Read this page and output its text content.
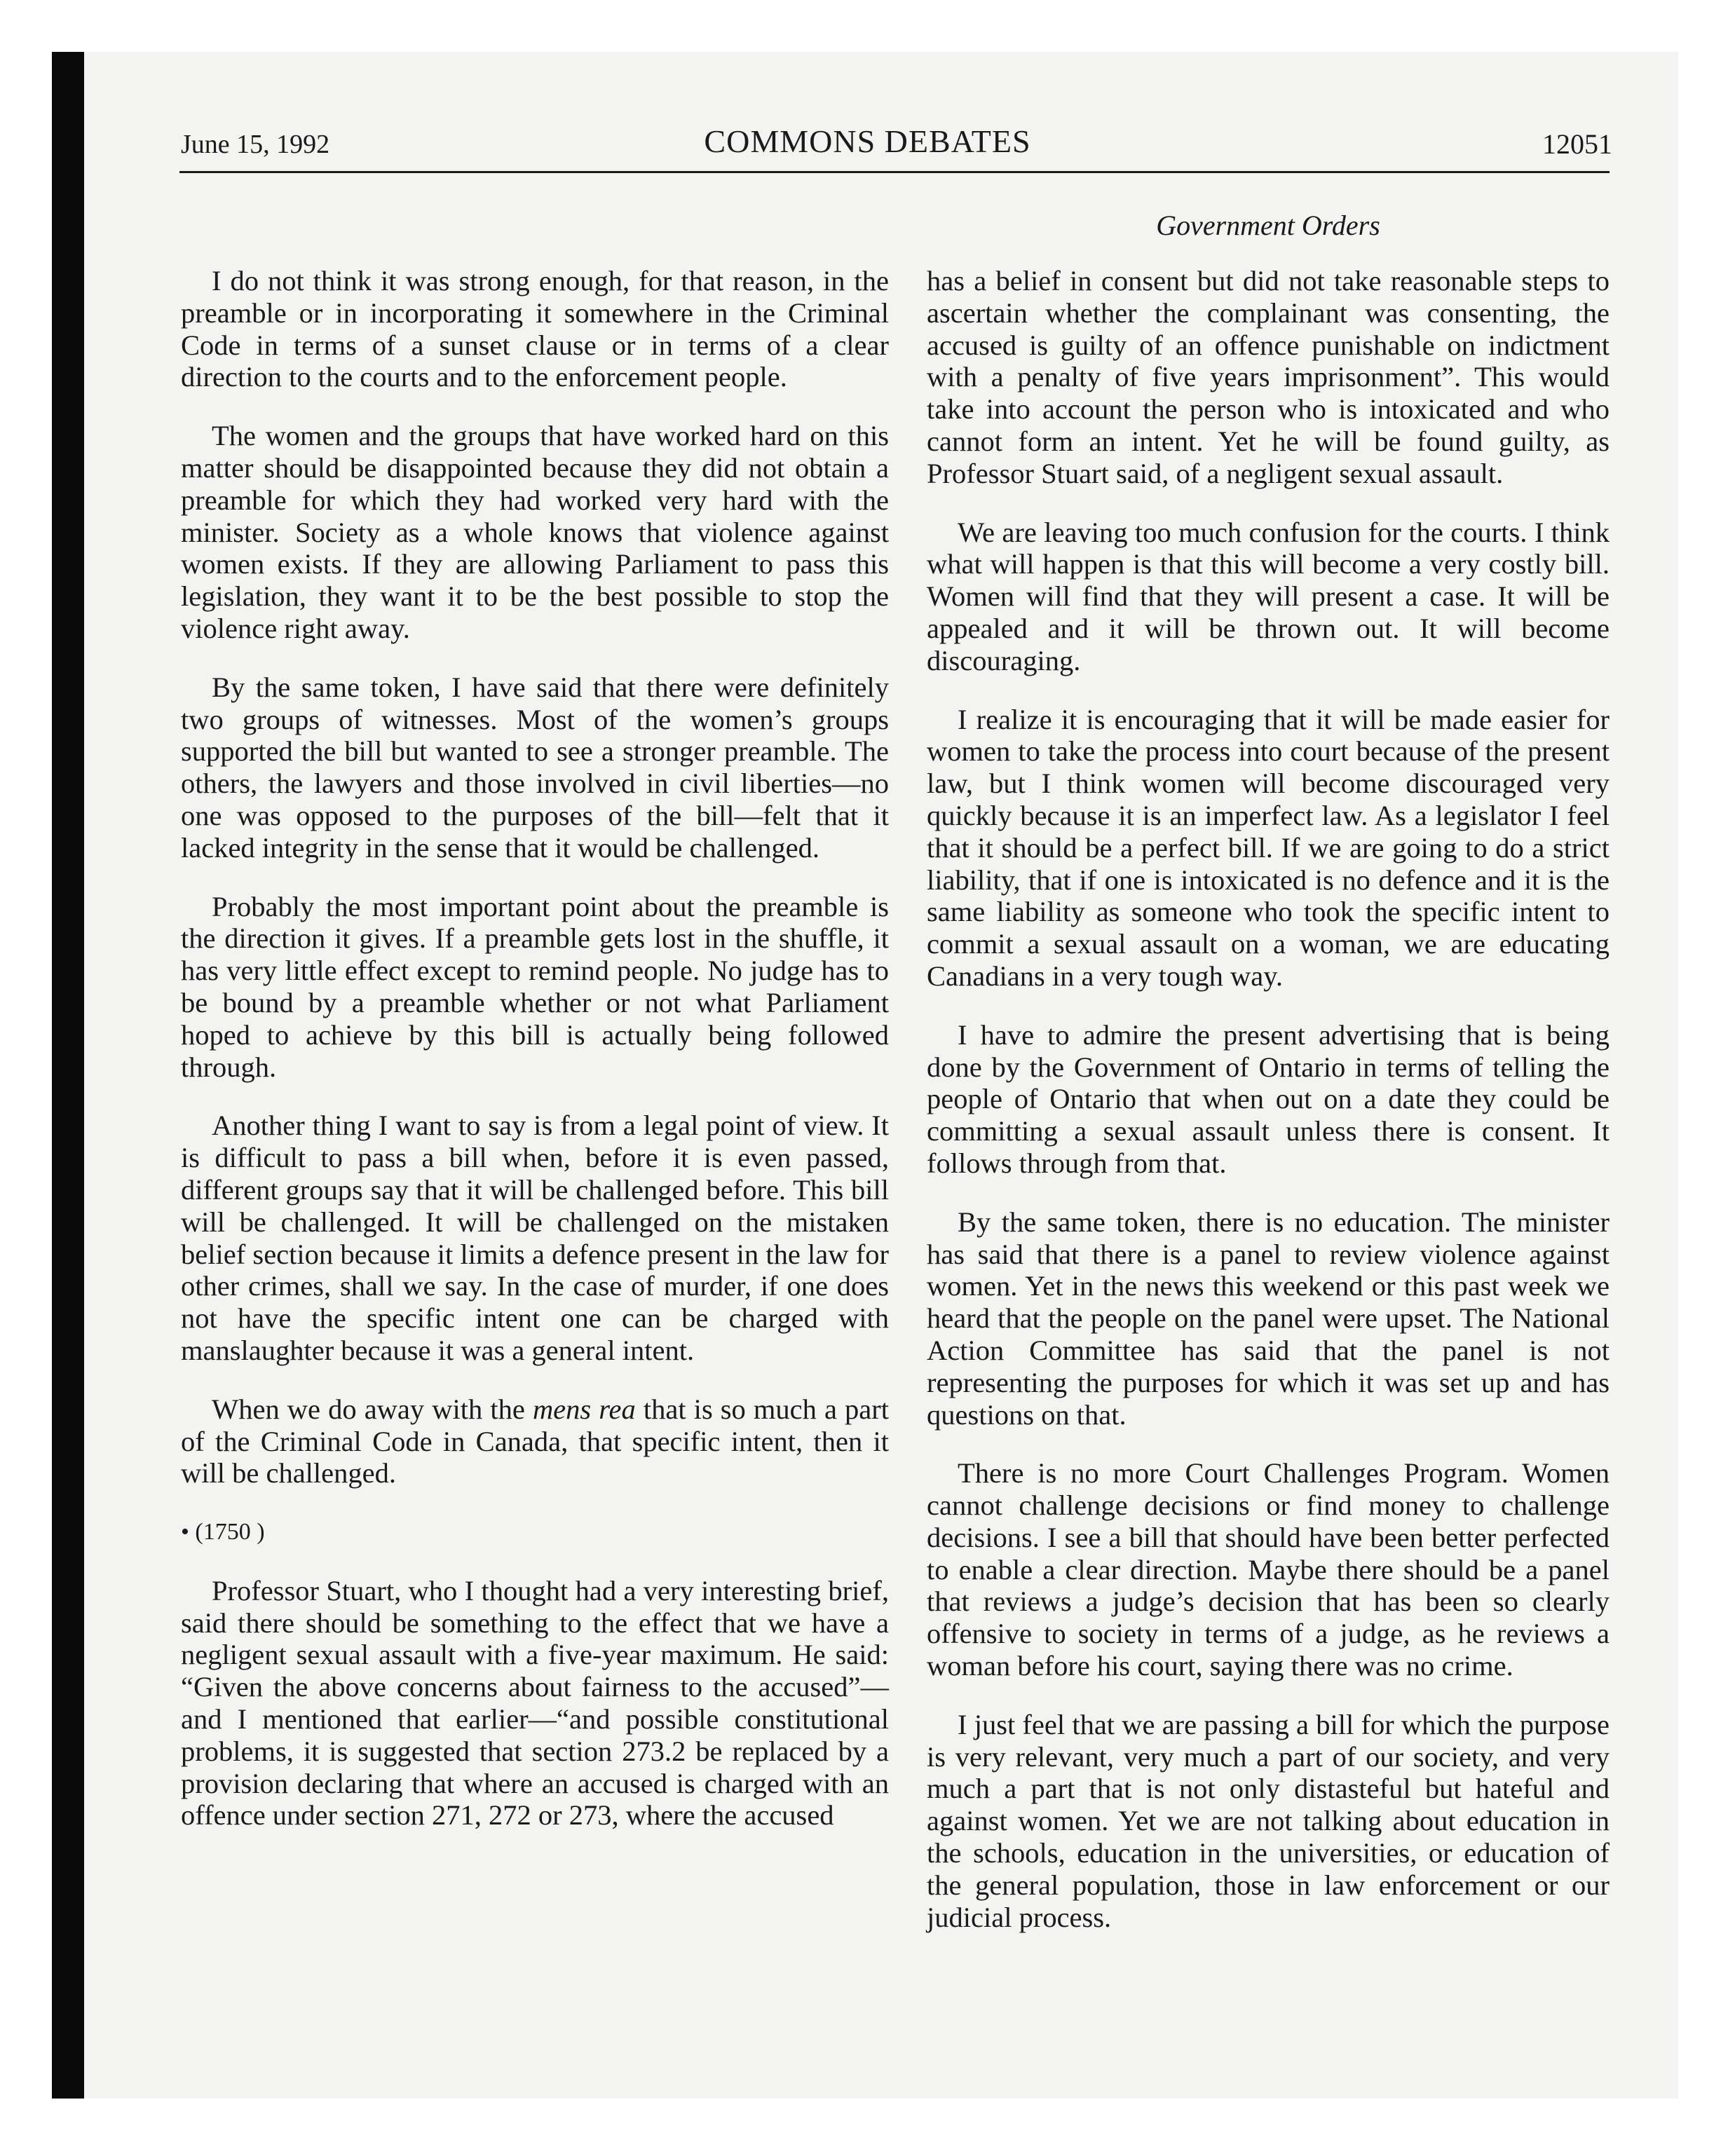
June 15, 1992	COMMONS DEBATES	12051
Government Orders

I do not think it was strong enough, for that reason, in the preamble or in incorporating it somewhere in the Criminal Code in terms of a sunset clause or in terms of a clear direction to the courts and to the enforcement people.

The women and the groups that have worked hard on this matter should be disappointed because they did not obtain a preamble for which they had worked very hard with the minister. Society as a whole knows that violence against women exists. If they are allowing Parliament to pass this legislation, they want it to be the best possible to stop the violence right away.

By the same token, I have said that there were definitely two groups of witnesses. Most of the women’s groups supported the bill but wanted to see a stronger preamble. The others, the lawyers and those involved in civil liberties—no one was opposed to the purposes of the bill—felt that it lacked integrity in the sense that it would be challenged.

Probably the most important point about the preamble is the direction it gives. If a preamble gets lost in the shuffle, it has very little effect except to remind people. No judge has to be bound by a preamble whether or not what Parliament hoped to achieve by this bill is actually being followed through.

Another thing I want to say is from a legal point of view. It is difficult to pass a bill when, before it is even passed, different groups say that it will be challenged before. This bill will be challenged. It will be challenged on the mistaken belief section because it limits a defence present in the law for other crimes, shall we say. In the case of murder, if one does not have the specific intent one can be charged with manslaughter because it was a general intent.

When we do away with the mens rea that is so much a part of the Criminal Code in Canada, that specific intent, then it will be challenged.

• (1750 )

Professor Stuart, who I thought had a very interesting brief, said there should be something to the effect that we have a negligent sexual assault with a five-year maximum. He said: “Given the above concerns about fairness to the accused”—and I mentioned that earlier—“and possible constitutional problems, it is suggested that section 273.2 be replaced by a provision declaring that where an accused is charged with an offence under section 271, 272 or 273, where the accused

has a belief in consent but did not take reasonable steps to ascertain whether the complainant was consenting, the accused is guilty of an offence punishable on indictment with a penalty of five years imprisonment”. This would take into account the person who is intoxicated and who cannot form an intent. Yet he will be found guilty, as Professor Stuart said, of a negligent sexual assault.

We are leaving too much confusion for the courts. I think what will happen is that this will become a very costly bill. Women will find that they will present a case. It will be appealed and it will be thrown out. It will become discouraging.

I realize it is encouraging that it will be made easier for women to take the process into court because of the present law, but I think women will become discouraged very quickly because it is an imperfect law. As a legislator I feel that it should be a perfect bill. If we are going to do a strict liability, that if one is intoxicated is no defence and it is the same liability as someone who took the specific intent to commit a sexual assault on a woman, we are educating Canadians in a very tough way.

I have to admire the present advertising that is being done by the Government of Ontario in terms of telling the people of Ontario that when out on a date they could be committing a sexual assault unless there is consent. It follows through from that.

By the same token, there is no education. The minister has said that there is a panel to review violence against women. Yet in the news this weekend or this past week we heard that the people on the panel were upset. The National Action Committee has said that the panel is not representing the purposes for which it was set up and has questions on that.

There is no more Court Challenges Program. Women cannot challenge decisions or find money to challenge decisions. I see a bill that should have been better perfected to enable a clear direction. Maybe there should be a panel that reviews a judge’s decision that has been so clearly offensive to society in terms of a judge, as he reviews a woman before his court, saying there was no crime.

I just feel that we are passing a bill for which the purpose is very relevant, very much a part of our society, and very much a part that is not only distasteful but hateful and against women. Yet we are not talking about education in the schools, education in the universities, or education of the general population, those in law enforcement or our judicial process.
